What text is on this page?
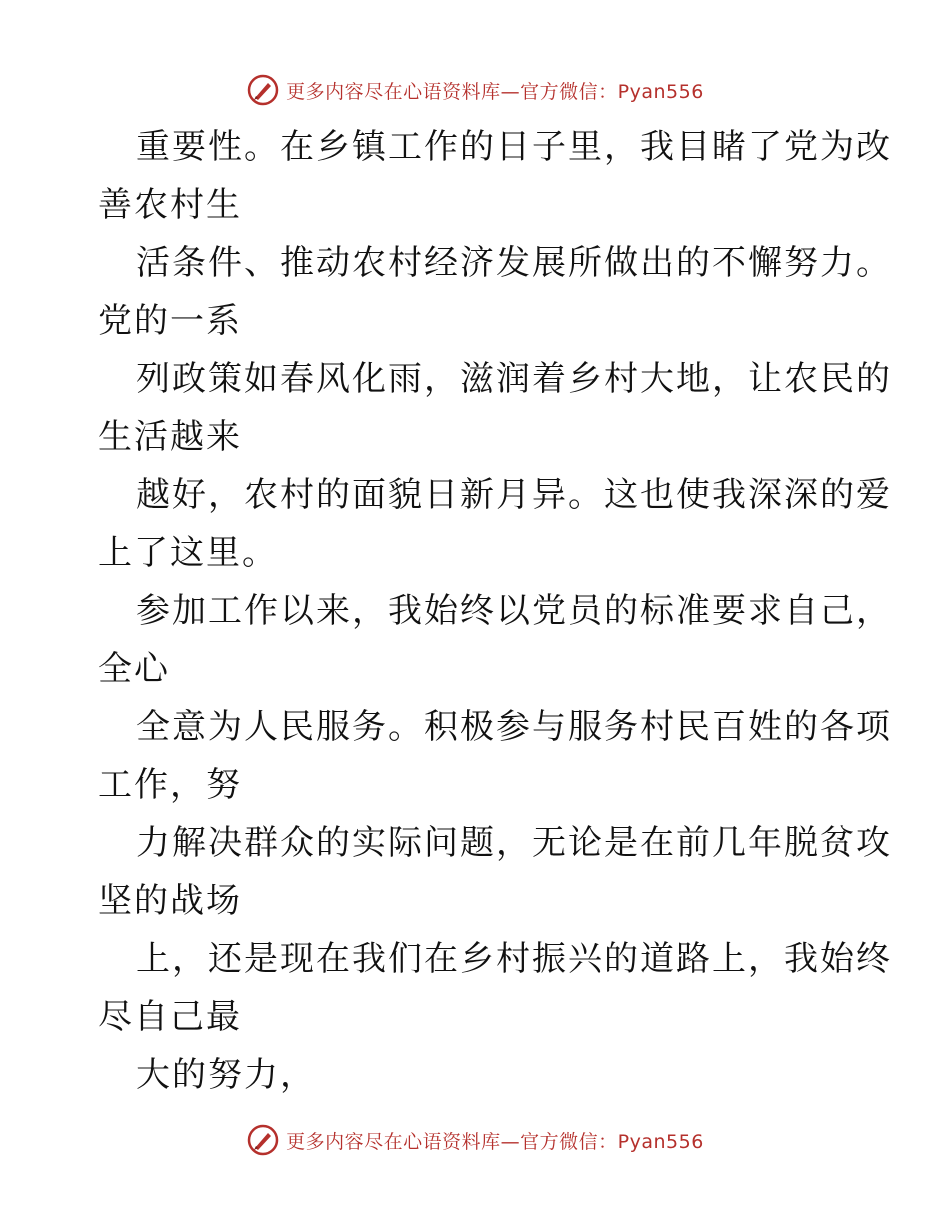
更多内容尽在心语资料库—官方微信：Pyan556
重要性。在乡镇工作的日子里，我目睹了党为改
善农村生
活条件、推动农村经济发展所做出的不懈努力。
党的一系
列政策如春风化雨，滋润着乡村大地，让农民的
生活越来
越好，农村的面貌日新月异。这也使我深深的爱
上了这里。
参加工作以来，我始终以党员的标准要求自己，
全心
全意为人民服务。积极参与服务村民百姓的各项
工作，努
力解决群众的实际问题，无论是在前几年脱贫攻
坚的战场
上，还是现在我们在乡村振兴的道路上，我始终
尽自己最
大的努力，
更多内容尽在心语资料库—官方微信：Pyan556
